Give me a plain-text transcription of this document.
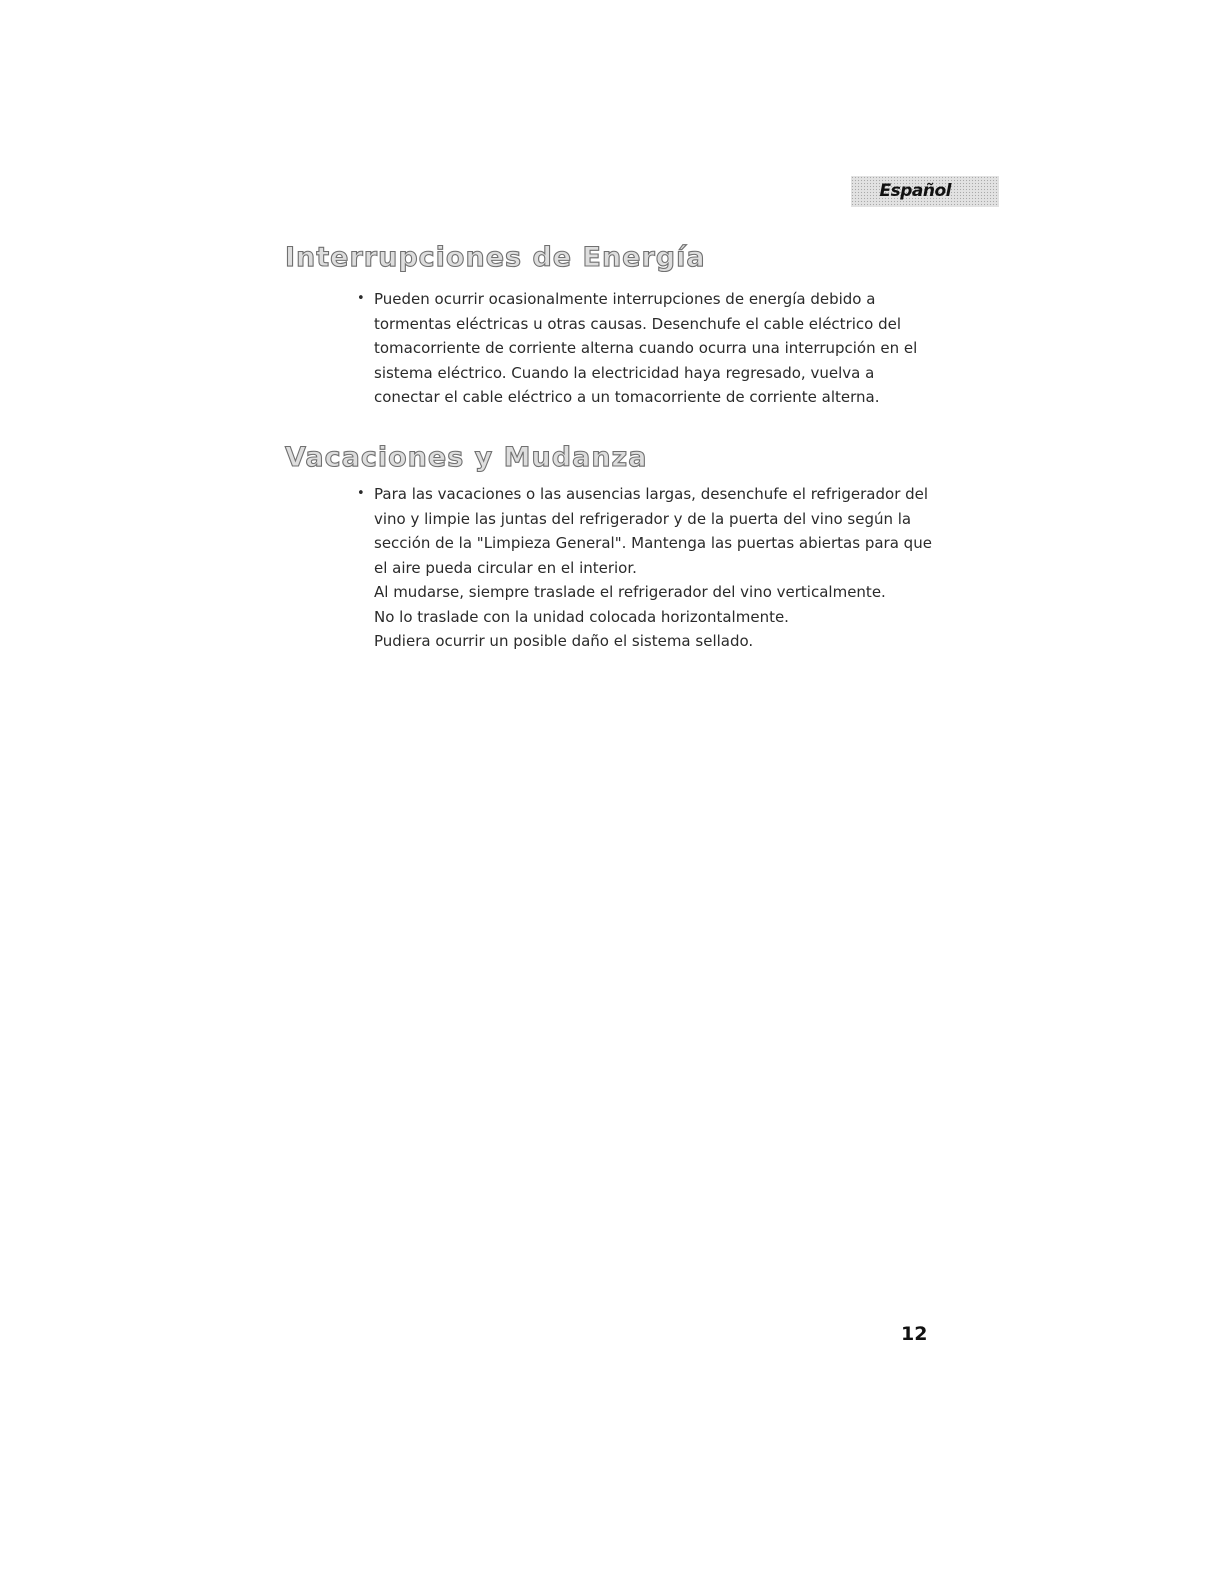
Español
Interrupciones de Energía

• Pueden ocurrir ocasionalmente interrupciones de energía debido a tormentas eléctricas u otras causas. Desenchufe el cable eléctrico del tomacorriente de corriente alterna cuando ocurra una interrupción en el sistema eléctrico. Cuando la electricidad haya regresado, vuelva a conectar el cable eléctrico a un tomacorriente de corriente alterna.

Vacaciones y Mudanza

• Para las vacaciones o las ausencias largas, desenchufe el refrigerador del vino y limpie las juntas del refrigerador y de la puerta del vino según la sección de la "Limpieza General". Mantenga las puertas abiertas para que el aire pueda circular en el interior.

Al mudarse, siempre traslade el refrigerador del vino verticalmente.

No lo traslade con la unidad colocada horizontalmente.

Pudiera ocurrir un posible daño el sistema sellado.

12
